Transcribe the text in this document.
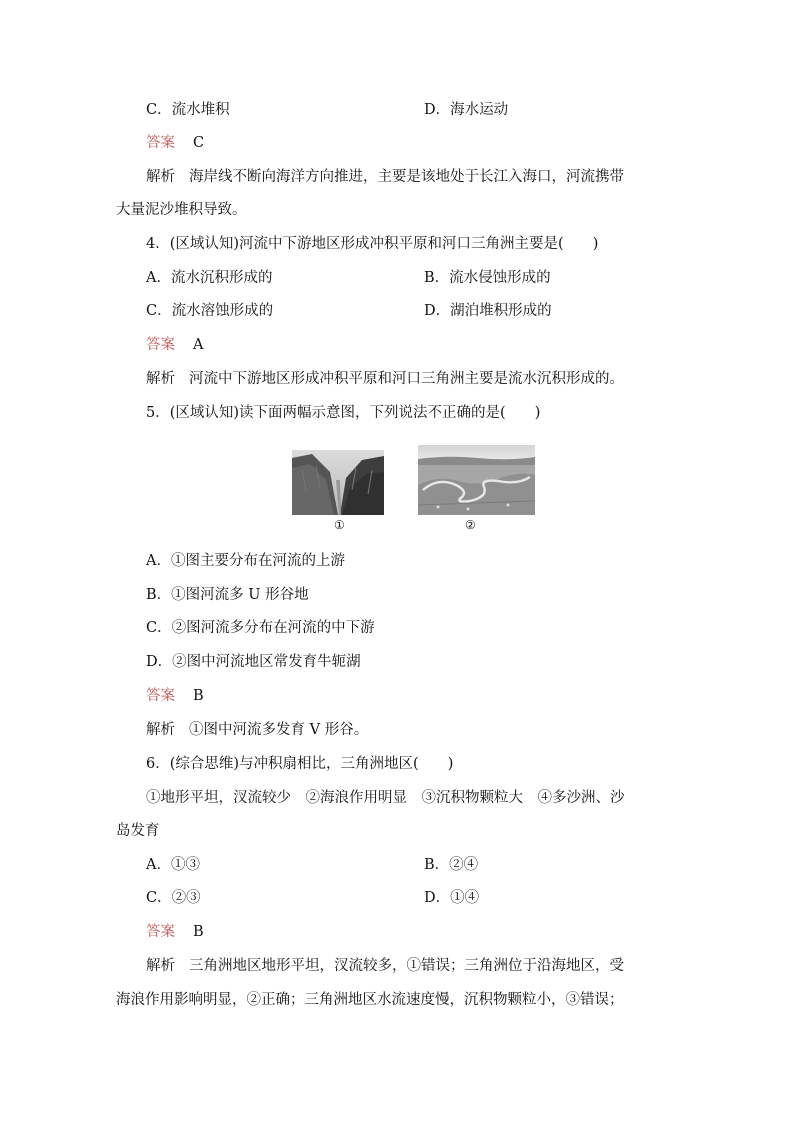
C．流水堆积	D．海水运动
答案 C
解析 海岸线不断向海洋方向推进，主要是该地处于长江入海口，河流携带
大量泥沙堆积导致。
4．(区域认知)河流中下游地区形成冲积平原和河口三角洲主要是(　　)
A．流水沉积形成的	B．流水侵蚀形成的
C．流水溶蚀形成的	D．湖泊堆积形成的
答案 A
解析 河流中下游地区形成冲积平原和河口三角洲主要是流水沉积形成的。
5．(区域认知)读下面两幅示意图，下列说法不正确的是(　　)
①	②
A．①图主要分布在河流的上游
B．①图河流多 U 形谷地
C．②图河流多分布在河流的中下游
D．②图中河流地区常发育牛轭湖
答案 B
解析 ①图中河流多发育 V 形谷。
6．(综合思维)与冲积扇相比，三角洲地区(　　)
①地形平坦，汊流较少　②海浪作用明显　③沉积物颗粒大　④多沙洲、沙
岛发育
A．①③	B．②④
C．②③	D．①④
答案 B
解析 三角洲地区地形平坦，汊流较多，①错误；三角洲位于沿海地区，受
海浪作用影响明显，②正确；三角洲地区水流速度慢，沉积物颗粒小，③错误；
